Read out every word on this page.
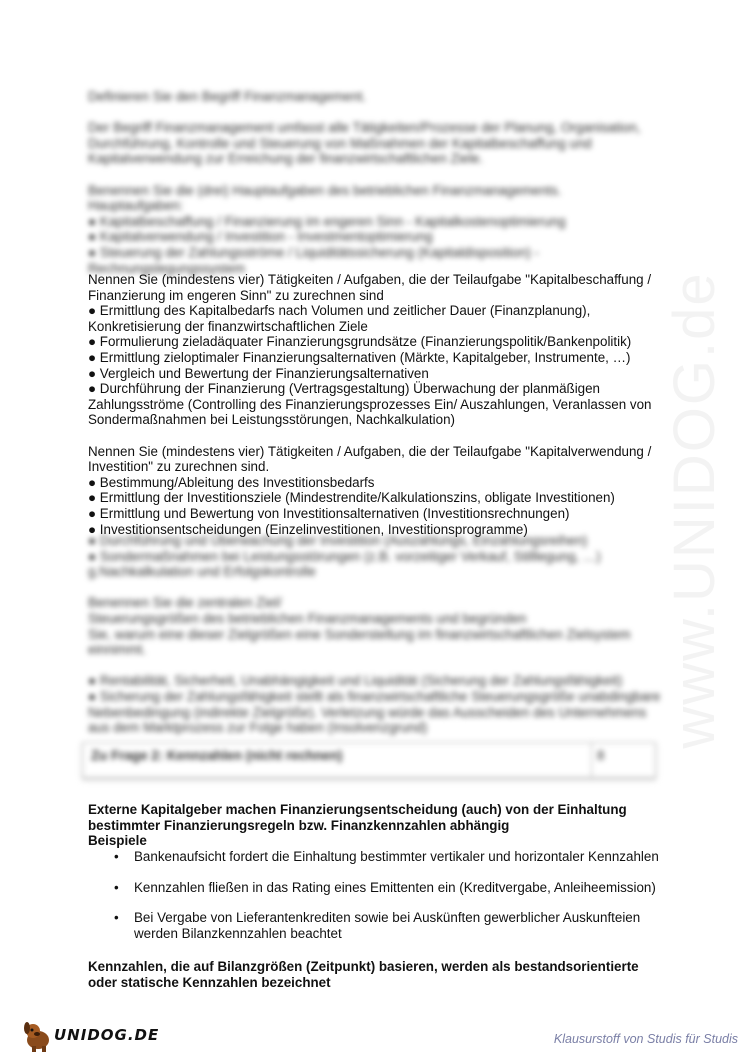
www.UNIDOG.de
Definieren Sie den Begriff Finanzmanagement.
Der Begriff Finanzmanagement umfasst alle Tätigkeiten/Prozesse der Planung, Organisation,
Durchführung, Kontrolle und Steuerung von Maßnahmen der Kapitalbeschaffung und
Kapitalverwendung zur Erreichung der finanzwirtschaftlichen Ziele.
Benennen Sie die (drei) Hauptaufgaben des betrieblichen Finanzmanagements.
Hauptaufgaben:
● Kapitalbeschaffung / Finanzierung im engeren Sinn - Kapitalkostenoptimierung
● Kapitalverwendung / Investition - Investmentoptimierung
● Steuerung der Zahlungsströme / Liquiditätssicherung (Kapitaldisposition) -
Rechnungslegungssystem
Nennen Sie (mindestens vier) Tätigkeiten / Aufgaben, die der Teilaufgabe "Kapitalbeschaffung /
Finanzierung im engeren Sinn" zu zurechnen sind
● Ermittlung des Kapitalbedarfs nach Volumen und zeitlicher Dauer (Finanzplanung),
Konkretisierung der finanzwirtschaftlichen Ziele
● Formulierung zieladäquater Finanzierungsgrundsätze (Finanzierungspolitik/Bankenpolitik)
● Ermittlung zieloptimaler Finanzierungsalternativen (Märkte, Kapitalgeber, Instrumente, …)
● Vergleich und Bewertung der Finanzierungsalternativen
● Durchführung der Finanzierung (Vertragsgestaltung) Überwachung der planmäßigen
Zahlungsströme (Controlling des Finanzierungsprozesses Ein/ Auszahlungen, Veranlassen von
Sondermaßnahmen bei Leistungsstörungen, Nachkalkulation)
Nennen Sie (mindestens vier) Tätigkeiten / Aufgaben, die der Teilaufgabe "Kapitalverwendung /
Investition" zu zurechnen sind.
● Bestimmung/Ableitung des Investitionsbedarfs
● Ermittlung der Investitionsziele (Mindestrendite/Kalkulationszins, obligate Investitionen)
● Ermittlung und Bewertung von Investitionsalternativen (Investitionsrechnungen)
● Investitionsentscheidungen (Einzelinvestitionen, Investitionsprogramme)
● Durchführung und Überwachung der Investition (Auszahlungs, Einzahlungsreihen)
● Sondermaßnahmen bei Leistungsstörungen (z.B. vorzeitiger Verkauf, Stilllegung, …)
g.Nachkalkulation und Erfolgskontrolle
Benennen Sie die zentralen Ziel/
Steuerungsgrößen des betrieblichen Finanzmanagements und begründen
Sie, warum eine dieser Zielgrößen eine Sonderstellung im finanzwirtschaftlichen Zielsystem
einnimmt.
● Rentabilität, Sicherheit, Unabhängigkeit und Liquidität (Sicherung der Zahlungsfähigkeit)
● Sicherung der Zahlungsfähigkeit stellt als finanzwirtschaftliche Steuerungsgröße unabdingbare
Nebenbedingung (indirekte Zielgröße). Verletzung würde das Ausscheiden des Unternehmens
aus dem Marktprozess zur Folge haben (Insolvenzgrund)
Zu Frage 2: Kennzahlen (nicht rechnen)	8
Externe Kapitalgeber machen Finanzierungsentscheidung (auch) von der Einhaltung
bestimmter Finanzierungsregeln bzw. Finanzkennzahlen abhängig
Beispiele
• Bankenaufsicht fordert die Einhaltung bestimmter vertikaler und horizontaler Kennzahlen
• Kennzahlen fließen in das Rating eines Emittenten ein (Kreditvergabe, Anleiheemission)
• Bei Vergabe von Lieferantenkrediten sowie bei Auskünften gewerblicher Auskunfteien
werden Bilanzkennzahlen beachtet
Kennzahlen, die auf Bilanzgrößen (Zeitpunkt) basieren, werden als bestandsorientierte
oder statische Kennzahlen bezeichnet
UNIDOG.DE	Klausurstoff von Studis für Studis
